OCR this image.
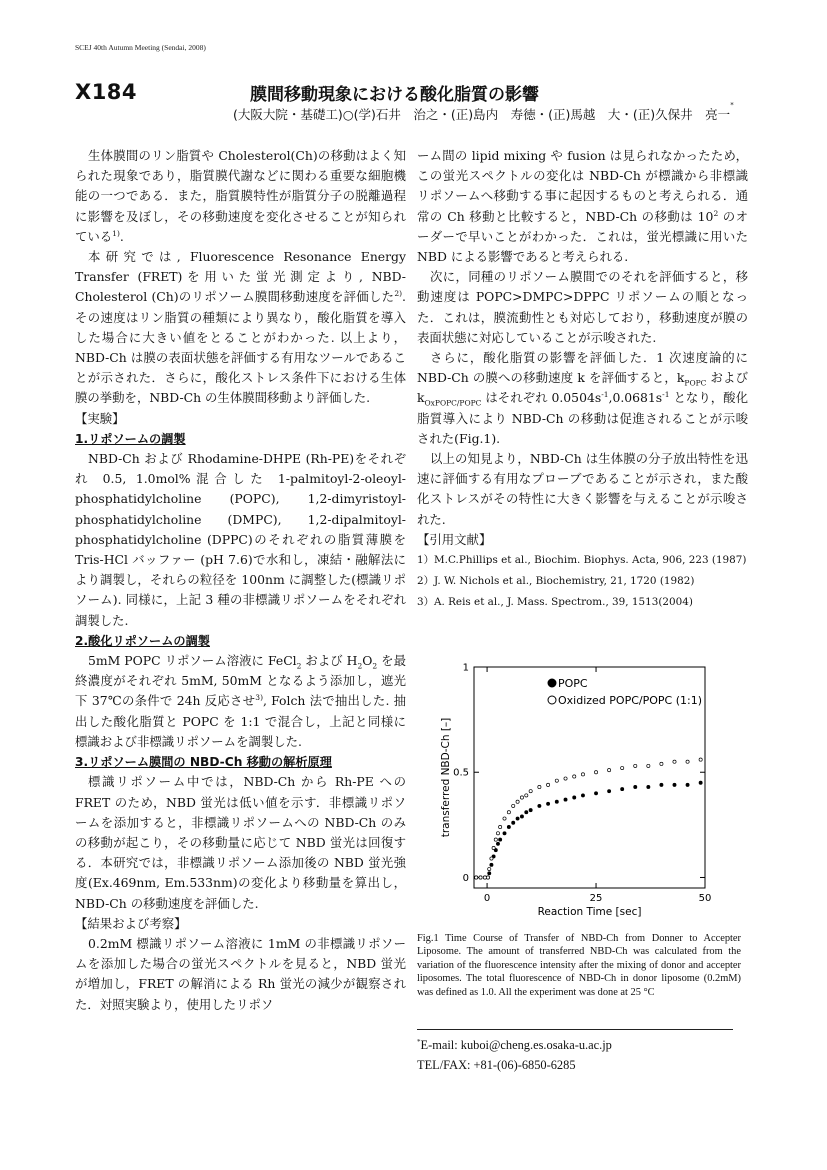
SCEJ 40th Autumn Meeting (Sendai, 2008)
X184	膜間移動現象における酸化脂質の影響
(大阪大院・基礎工)○(学)石井　治之・(正)島内　寿徳・(正)馬越　大・(正)久保井　亮一*

生体膜間のリン脂質や Cholesterol(Ch)の移動はよく知られた現象であり，脂質膜代謝などに関わる重要な細胞機能の一つである．また，脂質膜特性が脂質分子の脱離過程に影響を及ぼし，その移動速度を変化させることが知られている$^{1)}$.

本研究では, Fluorescence Resonance Energy Transfer (FRET)を用いた蛍光測定より, NBD-Cholesterol (Ch)のリポソーム膜間移動速度を評価した$^{2)}$.その速度はリン脂質の種類により異なり，酸化脂質を導入した場合に大きい値をとることがわかった. 以上より，NBD-Ch は膜の表面状態を評価する有用なツールであることが示された．さらに，酸化ストレス条件下における生体膜の挙動を，NBD-Ch の生体膜間移動より評価した.

【実験】

1.リポソームの調製

NBD-Ch および Rhodamine-DHPE (Rh-PE)をそれぞれ 0.5, 1.0mol%混合した 1-palmitoyl-2-oleoyl-phosphatidylcholine (POPC), 1,2-dimyristoyl-phosphatidylcholine (DMPC), 1,2-dipalmitoyl-phosphatidylcholine (DPPC)のそれぞれの脂質薄膜を Tris-HCl バッファー (pH 7.6)で水和し，凍結・融解法により調製し，それらの粒径を 100nm に調整した(標識リポソーム). 同様に，上記 3 種の非標識リポソームをそれぞれ調製した.

2.酸化リポソームの調製

5mM POPC リポソーム溶液に FeCl$_2$ および $H_2O_2$ を最終濃度がそれぞれ 5mM, 50mM となるよう添加し，遮光下 37℃の条件で 24h 反応させ$^{3)}$, Folch 法で抽出した. 抽出した酸化脂質と POPC を 1:1 で混合し，上記と同様に標識および非標識リポソームを調製した.

3.リポソーム膜間の NBD-Ch 移動の解析原理

標識リポソーム中では，NBD-Ch から Rh-PE への FRET のため，NBD 蛍光は低い値を示す．非標識リポソームを添加すると，非標識リポソームへの NBD-Ch のみの移動が起こり，その移動量に応じて NBD 蛍光は回復する．本研究では，非標識リポソーム添加後の NBD 蛍光強度(Ex.469nm, Em.533nm)の変化より移動量を算出し，NBD-Ch の移動速度を評価した.

【結果および考察】

0.2mM 標識リポソーム溶液に 1mM の非標識リポソームを添加した場合の蛍光スペクトルを見ると，NBD 蛍光が増加し，FRET の解消による Rh 蛍光の減少が観察された．対照実験より，使用したリポソ

ーム間の lipid mixing や fusion は見られなかったため，この蛍光スペクトルの変化は NBD-Ch が標識から非標識リポソームへ移動する事に起因するものと考えられる．通常の Ch 移動と比較すると，NBD-Ch の移動は $10^2$ のオーダーで早いことがわかった．これは，蛍光標識に用いた NBD による影響であると考えられる.

次に，同種のリポソーム膜間でのそれを評価すると，移動速度は POPC>DMPC>DPPC リポソームの順となった．これは，膜流動性とも対応しており，移動速度が膜の表面状態に対応していることが示唆された.

さらに，酸化脂質の影響を評価した．1 次速度論的に NBD-Ch の膜への移動速度 k を評価すると，$k_{POPC}$ および $k_{OxPOPC/POPC}$ はそれぞれ $0.0504s^{-1},0.0681s^{-1}$ となり，酸化脂質導入により NBD-Ch の移動は促進されることが示唆された(Fig.1).

以上の知見より，NBD-Ch は生体膜の分子放出特性を迅速に評価する有用なプローブであることが示され，また酸化ストレスがその特性に大きく影響を与えることが示唆された.

【引用文献】

1）M.C.Phillips et al., Biochim. Biophys. Acta, 906, 223 (1987)
2）J. W. Nichols et al., Biochemistry, 21, 1720 (1982)
3）A. Reis et al., J. Mass. Spectrom., 39, 1513(2004)
0	25	50
0
0.5
1
Reaction Time [sec]
transferred NBD-Ch [–]
POPC
Oxidized POPC/POPC (1:1)
Fig.1 Time Course of Transfer of NBD-Ch from Donner to Accepter Liposome. The amount of transferred NBD-Ch was calculated from the variation of the fluorescence intensity after the mixing of donor and accepter liposomes. The total fluorescence of NBD-Ch in donor liposome (0.2mM) was defined as 1.0. All the experiment was done at 25 °C
*E-mail: kuboi@cheng.es.osaka-u.ac.jp
TEL/FAX: +81-(06)-6850-6285
